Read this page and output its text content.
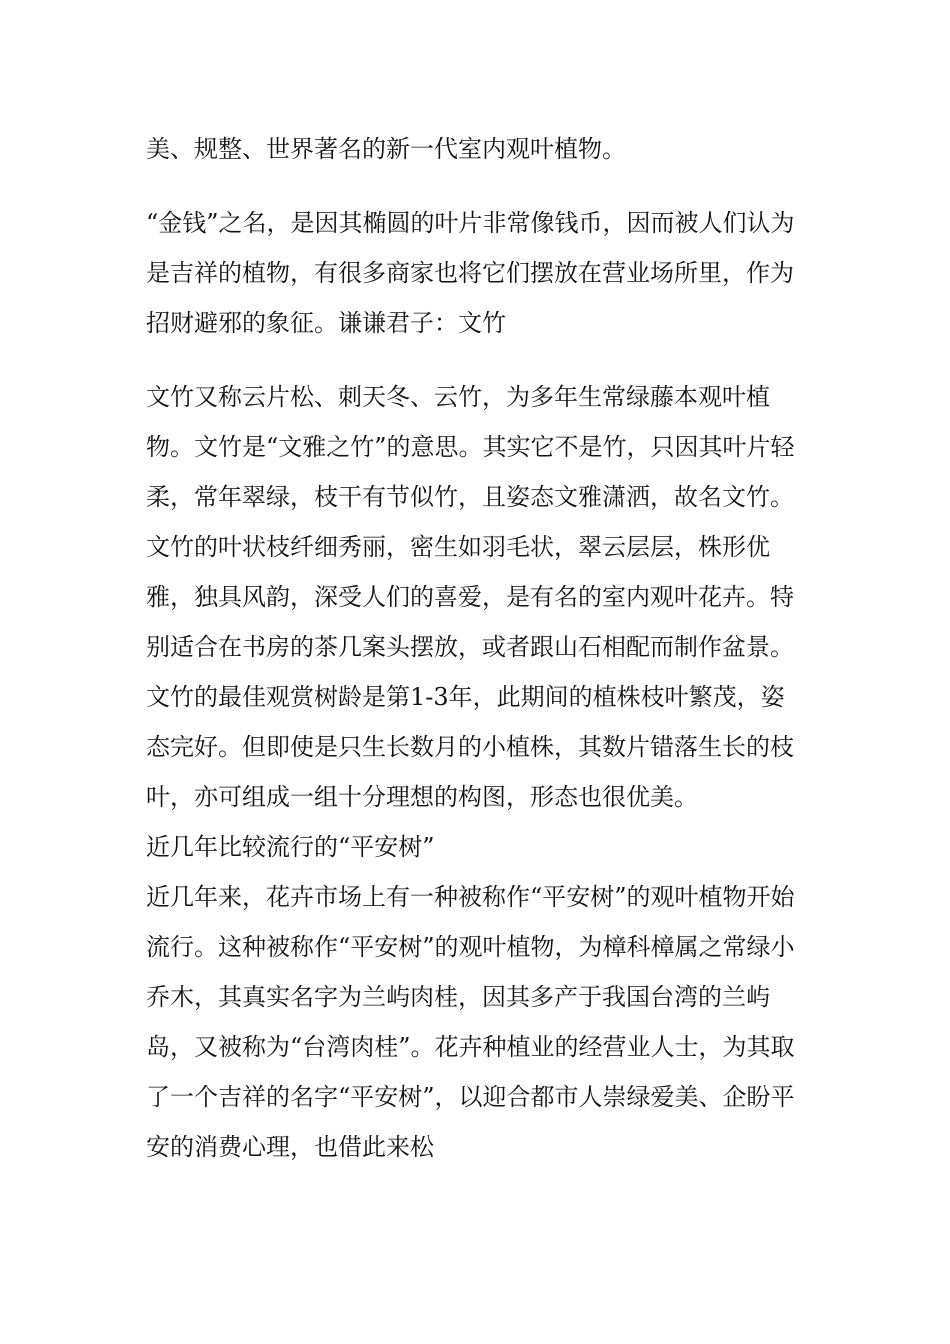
美、规整、世界著名的新一代室内观叶植物。

“金钱”之名，是因其椭圆的叶片非常像钱币，因而被人们认为是吉祥的植物，有很多商家也将它们摆放在营业场所里，作为招财避邪的象征。谦谦君子：文竹

文竹又称云片松、刺天冬、云竹，为多年生常绿藤本观叶植物。文竹是“文雅之竹”的意思。其实它不是竹，只因其叶片轻柔，常年翠绿，枝干有节似竹，且姿态文雅潇洒，故名文竹。文竹的叶状枝纤细秀丽，密生如羽毛状，翠云层层，株形优雅，独具风韵，深受人们的喜爱，是有名的室内观叶花卉。特别适合在书房的茶几案头摆放，或者跟山石相配而制作盆景。

文竹的最佳观赏树龄是第1-3年，此期间的植株枝叶繁茂，姿态完好。但即使是只生长数月的小植株，其数片错落生长的枝叶，亦可组成一组十分理想的构图，形态也很优美。

近几年比较流行的“平安树”

近几年来，花卉市场上有一种被称作“平安树”的观叶植物开始流行。这种被称作“平安树”的观叶植物，为樟科樟属之常绿小乔木，其真实名字为兰屿肉桂，因其多产于我国台湾的兰屿岛，又被称为“台湾肉桂”。花卉种植业的经营业人士，为其取了一个吉祥的名字“平安树”，以迎合都市人崇绿爱美、企盼平安的消费心理，也借此来松
